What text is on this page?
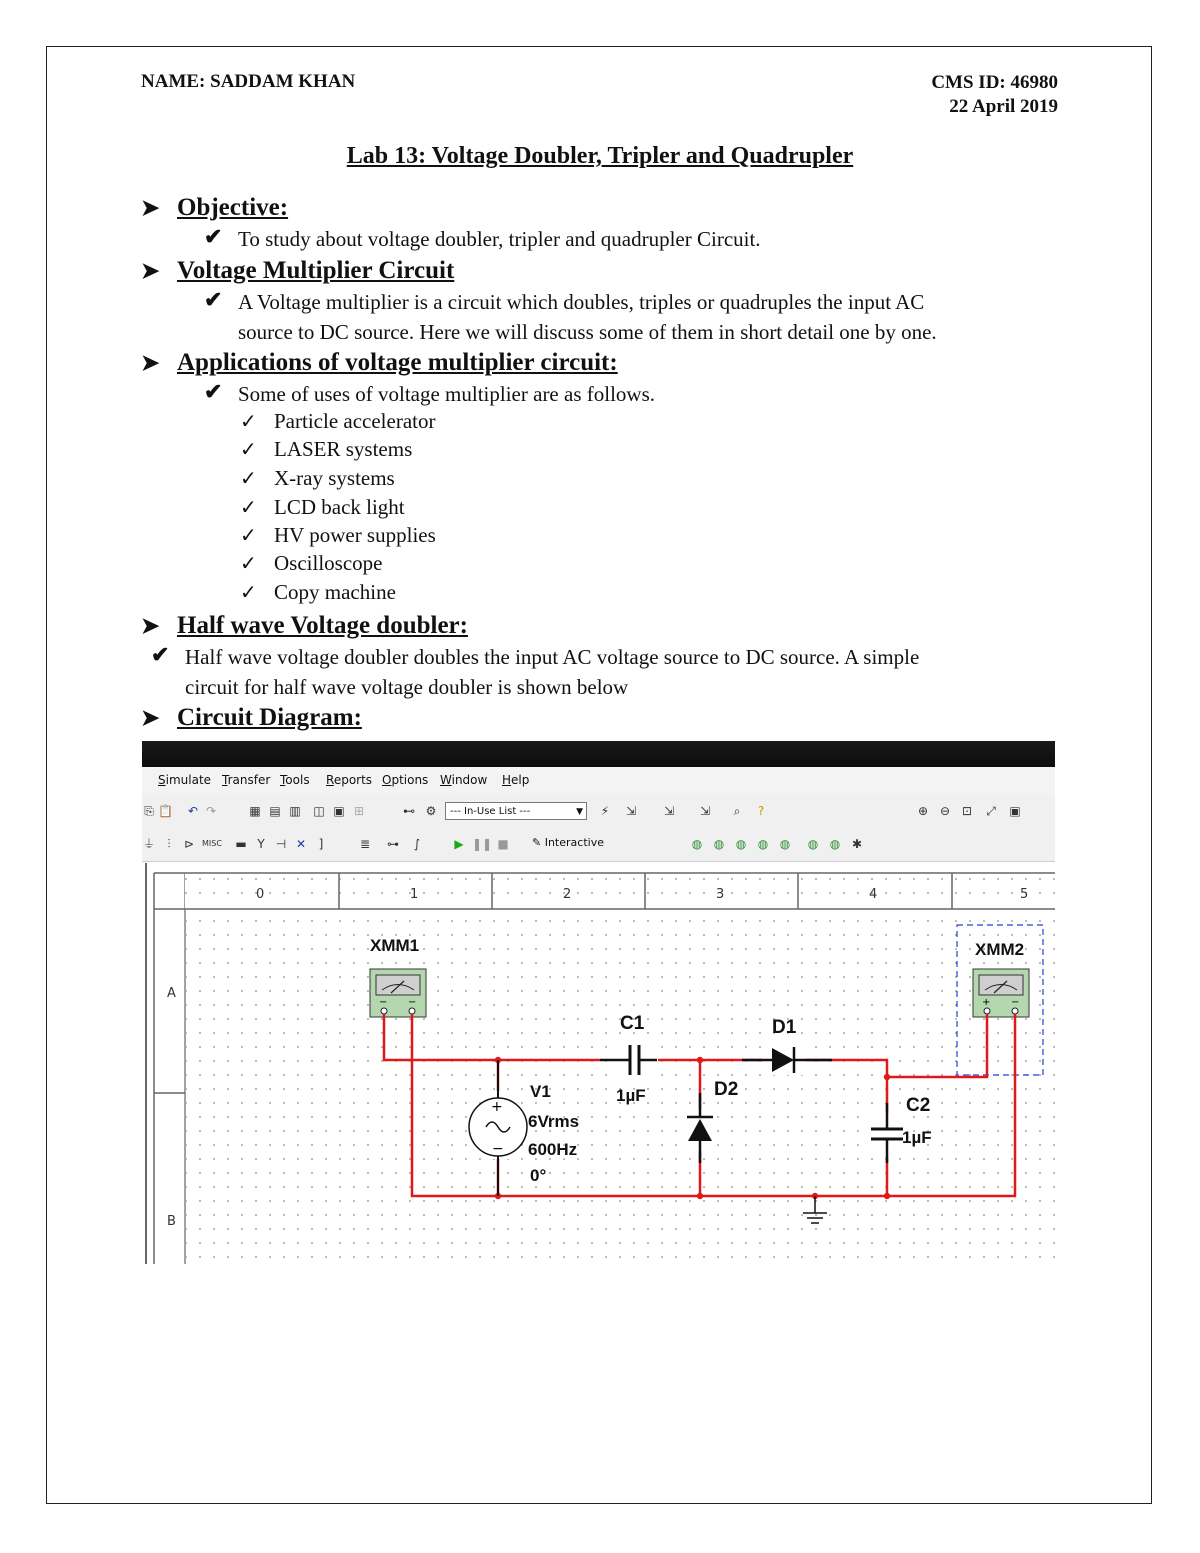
NAME: SADDAM KHAN	CMS ID: 46980
22 April 2019
Lab 13: Voltage Doubler, Tripler and Quadrupler
➤ Objective:
✔ To study about voltage doubler, tripler and quadrupler Circuit.
➤ Voltage Multiplier Circuit
✔ A Voltage multiplier is a circuit which doubles, triples or quadruples the input AC
source to DC source. Here we will discuss some of them in short detail one by one.
➤ Applications of voltage multiplier circuit:
✔ Some of uses of voltage multiplier are as follows.
✓ Particle accelerator
✓ LASER systems
✓ X-ray systems
✓ LCD back light
✓ HV power supplies
✓ Oscilloscope
✓ Copy machine
➤ Half wave Voltage doubler:
✔ Half wave voltage doubler doubles the input AC voltage source to DC source. A simple
circuit for half wave voltage doubler is shown below
➤ Circuit Diagram:
Simulate Transfer Tools Reports Options Window Help
⎘ 📋 ↶ ↷	▦ ▤ ▥ ◫ ▣ ⊞	⊷ ⚙	--- In-Use List ---	▼ ⚡ ⇲ ⇲ ⇲	⌕	?	⊕ ⊖ ⊡ ⤢ ▣
⏚	⫶	⊳ MISC ▬ Y ⊣ ✕	]	≣ ⊶	∫	▶ ❚❚ ■ ✎ Interactive	◍ ◍ ◍ ◍ ◍ ◍ ◍ ✱
A
B
0	1	2	3	4	5
XMM1
− −
XMM2
+ −
+
−
V1
6Vrms
600Hz
0°
C1
1µF
D1
D2
C2
1µF
